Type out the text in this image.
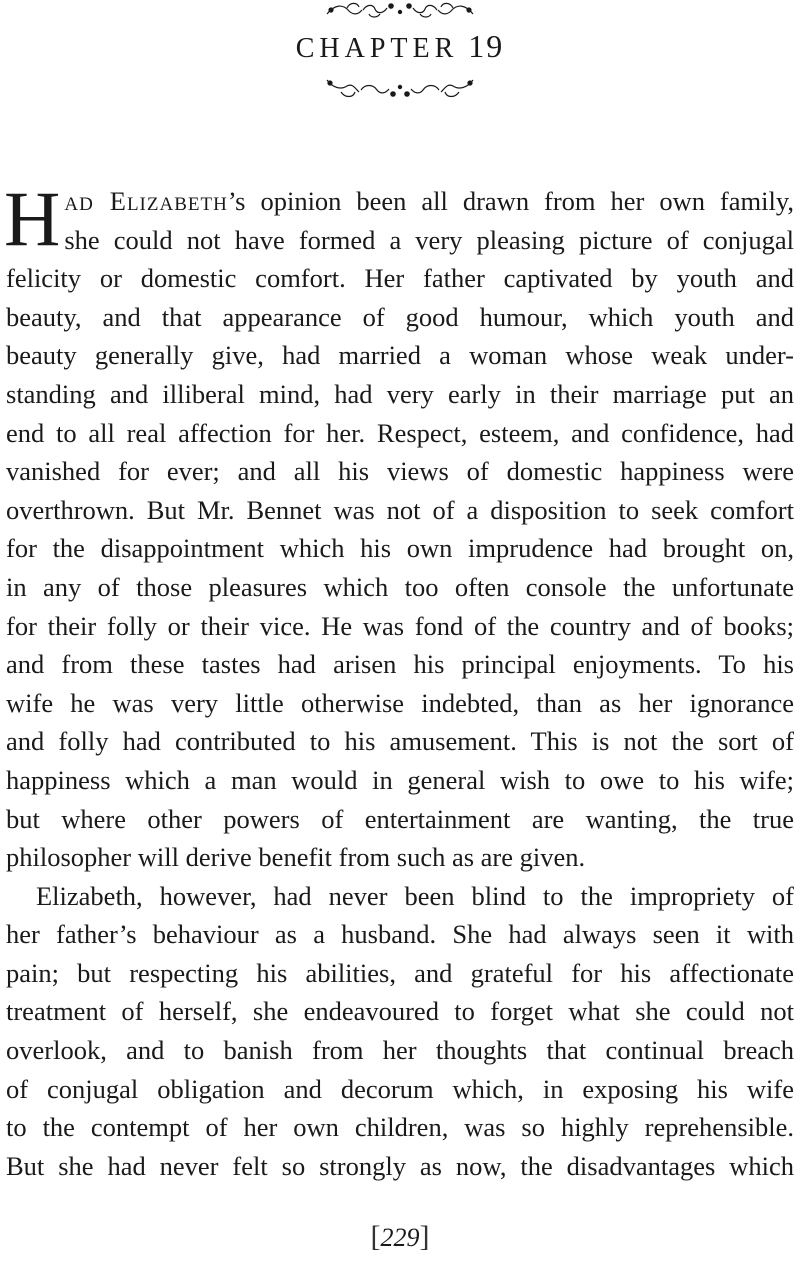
CHAPTER 19
H ad Elizabeth’s opinion been all drawn from her own family,
she could not have formed a very pleasing picture of conjugal
felicity or domestic comfort. Her father captivated by youth and
beauty, and that appearance of good humour, which youth and
beauty generally give, had married a woman whose weak under-
standing and illiberal mind, had very early in their marriage put an
end to all real affection for her. Respect, esteem, and confidence, had
vanished for ever; and all his views of domestic happiness were
overthrown. But Mr. Bennet was not of a disposition to seek comfort
for the disappointment which his own imprudence had brought on,
in any of those pleasures which too often console the unfortunate
for their folly or their vice. He was fond of the country and of books;
and from these tastes had arisen his principal enjoyments. To his
wife he was very little otherwise indebted, than as her ignorance
and folly had contributed to his amusement. This is not the sort of
happiness which a man would in general wish to owe to his wife;
but where other powers of entertainment are wanting, the true
philosopher will derive benefit from such as are given.
Elizabeth, however, had never been blind to the impropriety of
her father’s behaviour as a husband. She had always seen it with
pain; but respecting his abilities, and grateful for his affectionate
treatment of herself, she endeavoured to forget what she could not
overlook, and to banish from her thoughts that continual breach
of conjugal obligation and decorum which, in exposing his wife
to the contempt of her own children, was so highly reprehensible.
But she had never felt so strongly as now, the disadvantages which
[229]
